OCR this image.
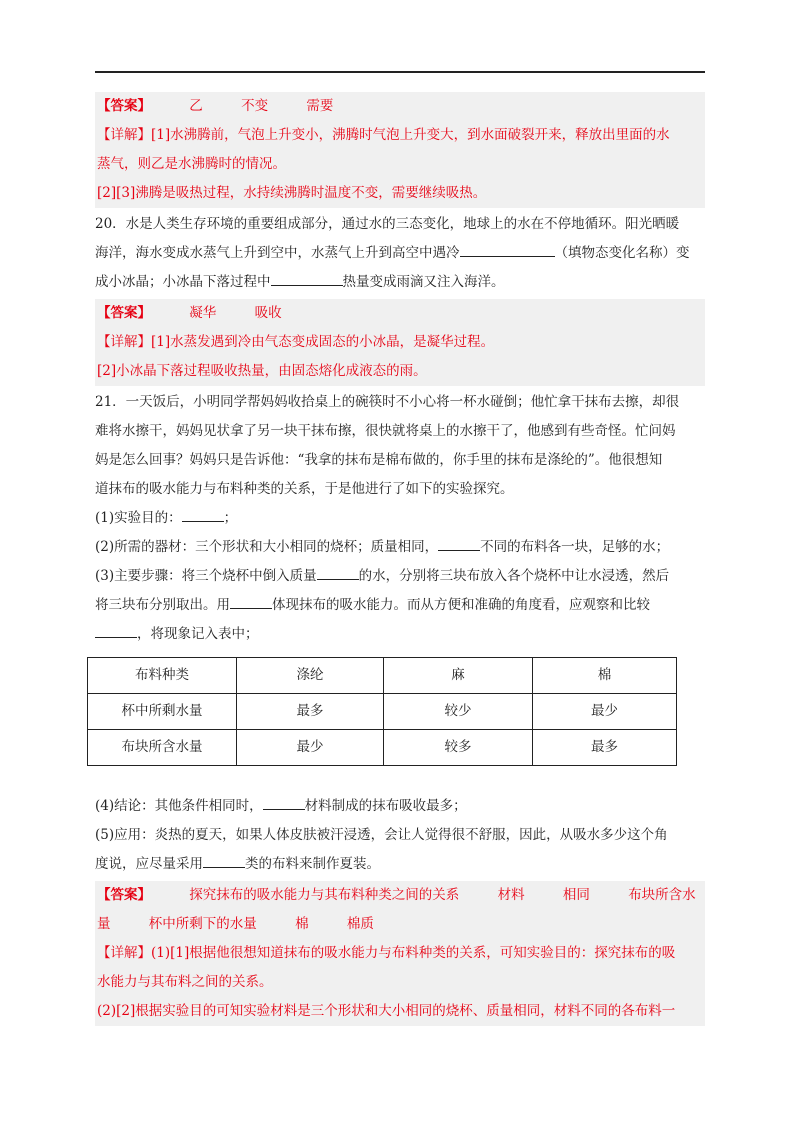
【答案】	乙	不变	需要
【详解】[1]水沸腾前，气泡上升变小，沸腾时气泡上升变大，到水面破裂开来，释放出里面的水
蒸气，则乙是水沸腾时的情况。
[2][3]沸腾是吸热过程，水持续沸腾时温度不变，需要继续吸热。
20．水是人类生存环境的重要组成部分，通过水的三态变化，地球上的水在不停地循环。阳光晒暖
海洋，海水变成水蒸气上升到空中，水蒸气上升到高空中遇冷	（填物态变化名称）变
成小冰晶；小冰晶下落过程中	热量变成雨滴又注入海洋。
【答案】	凝华	吸收
【详解】[1]水蒸发遇到冷由气态变成固态的小冰晶，是凝华过程。
[2]小冰晶下落过程吸收热量，由固态熔化成液态的雨。
21．一天饭后，小明同学帮妈妈收拾桌上的碗筷时不小心将一杯水碰倒；他忙拿干抹布去擦，却很
难将水擦干，妈妈见状拿了另一块干抹布擦，很快就将桌上的水擦干了，他感到有些奇怪。忙问妈
妈是怎么回事？妈妈只是告诉他：“我拿的抹布是棉布做的，你手里的抹布是涤纶的”。他很想知
道抹布的吸水能力与布料种类的关系，于是他进行了如下的实验探究。
(1)实验目的：	；
(2)所需的器材：三个形状和大小相同的烧杯；质量相同，	不同的布料各一块，足够的水；
(3)主要步骤：将三个烧杯中倒入质量	的水，分别将三块布放入各个烧杯中让水浸透，然后
将三块布分别取出。用	体现抹布的吸水能力。而从方便和准确的角度看，应观察和比较
，将现象记入表中；
布料种类	涤纶	麻	棉
杯中所剩水量	最多	较少	最少
布块所含水量	最少	较多	最多
(4)结论：其他条件相同时，	材料制成的抹布吸收最多；
(5)应用：炎热的夏天，如果人体皮肤被汗浸透，会让人觉得很不舒服，因此，从吸水多少这个角
度说，应尽量采用	类的布料来制作夏装。
【答案】	探究抹布的吸水能力与其布料种类之间的关系	材料	相同	布块所含水
量	杯中所剩下的水量	棉	棉质
【详解】(1)[1]根据他很想知道抹布的吸水能力与布料种类的关系，可知实验目的：探究抹布的吸
水能力与其布料之间的关系。
(2)[2]根据实验目的可知实验材料是三个形状和大小相同的烧杯、质量相同，材料不同的各布料一
